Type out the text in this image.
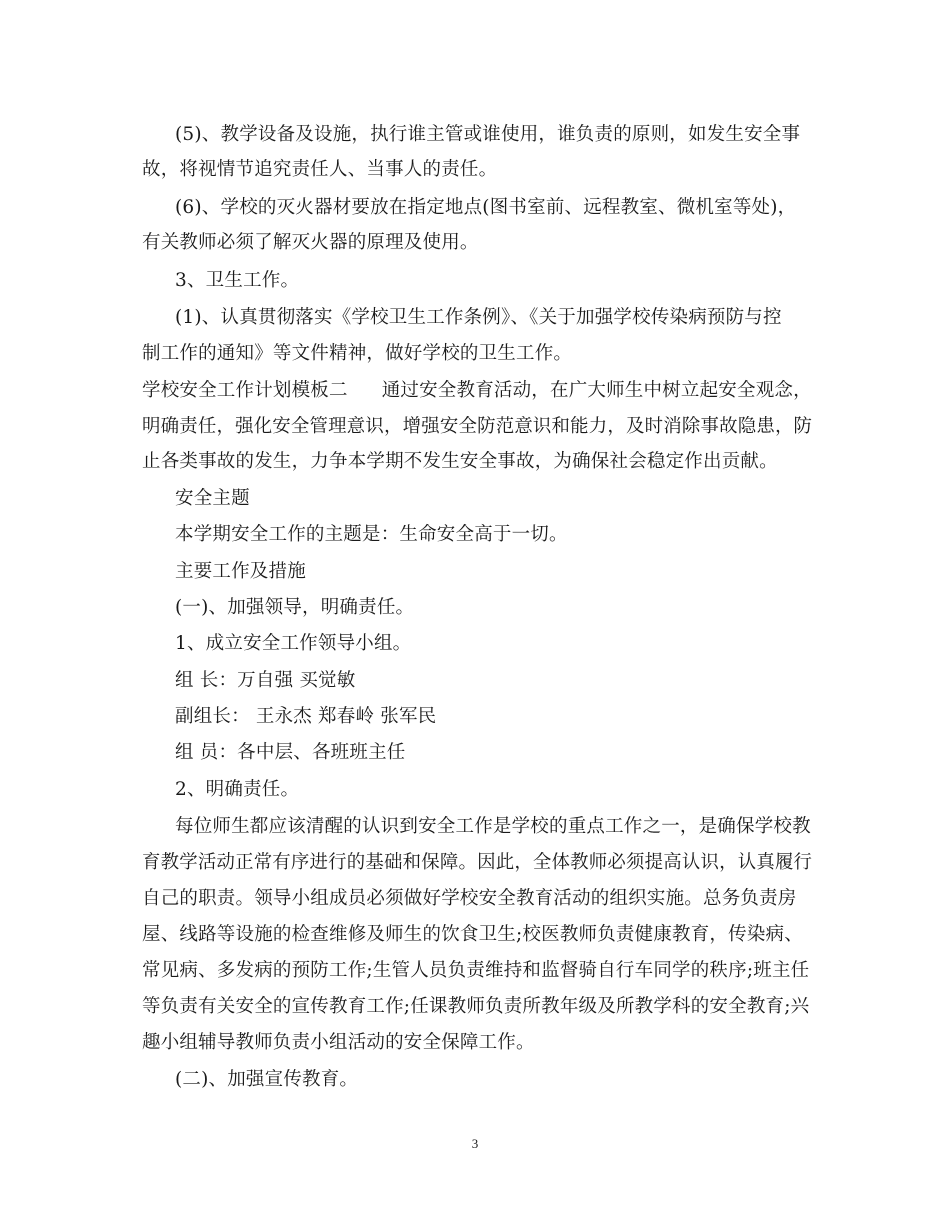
(5)、教学设备及设施，执行谁主管或谁使用，谁负责的原则，如发生安全事
故，将视情节追究责任人、当事人的责任。
(6)、学校的灭火器材要放在指定地点(图书室前、远程教室、微机室等处)，
有关教师必须了解灭火器的原理及使用。
3、卫生工作。
(1)、认真贯彻落实《学校卫生工作条例》、《关于加强学校传染病预防与控
制工作的通知》等文件精神，做好学校的卫生工作。
学校安全工作计划模板二 通过安全教育活动，在广大师生中树立起安全观念，
明确责任，强化安全管理意识，增强安全防范意识和能力，及时消除事故隐患，防
止各类事故的发生，力争本学期不发生安全事故，为确保社会稳定作出贡献。
安全主题
本学期安全工作的主题是：生命安全高于一切。
主要工作及措施
(一)、加强领导，明确责任。
1、成立安全工作领导小组。
组 长：万自强 买觉敏
副组长： 王永杰 郑春岭 张军民
组 员：各中层、各班班主任
2、明确责任。
每位师生都应该清醒的认识到安全工作是学校的重点工作之一，是确保学校教
育教学活动正常有序进行的基础和保障。因此，全体教师必须提高认识，认真履行
自己的职责。领导小组成员必须做好学校安全教育活动的组织实施。总务负责房
屋、线路等设施的检查维修及师生的饮食卫生;校医教师负责健康教育，传染病、
常见病、多发病的预防工作;生管人员负责维持和监督骑自行车同学的秩序;班主任
等负责有关安全的宣传教育工作;任课教师负责所教年级及所教学科的安全教育;兴
趣小组辅导教师负责小组活动的安全保障工作。
(二)、加强宣传教育。
3
